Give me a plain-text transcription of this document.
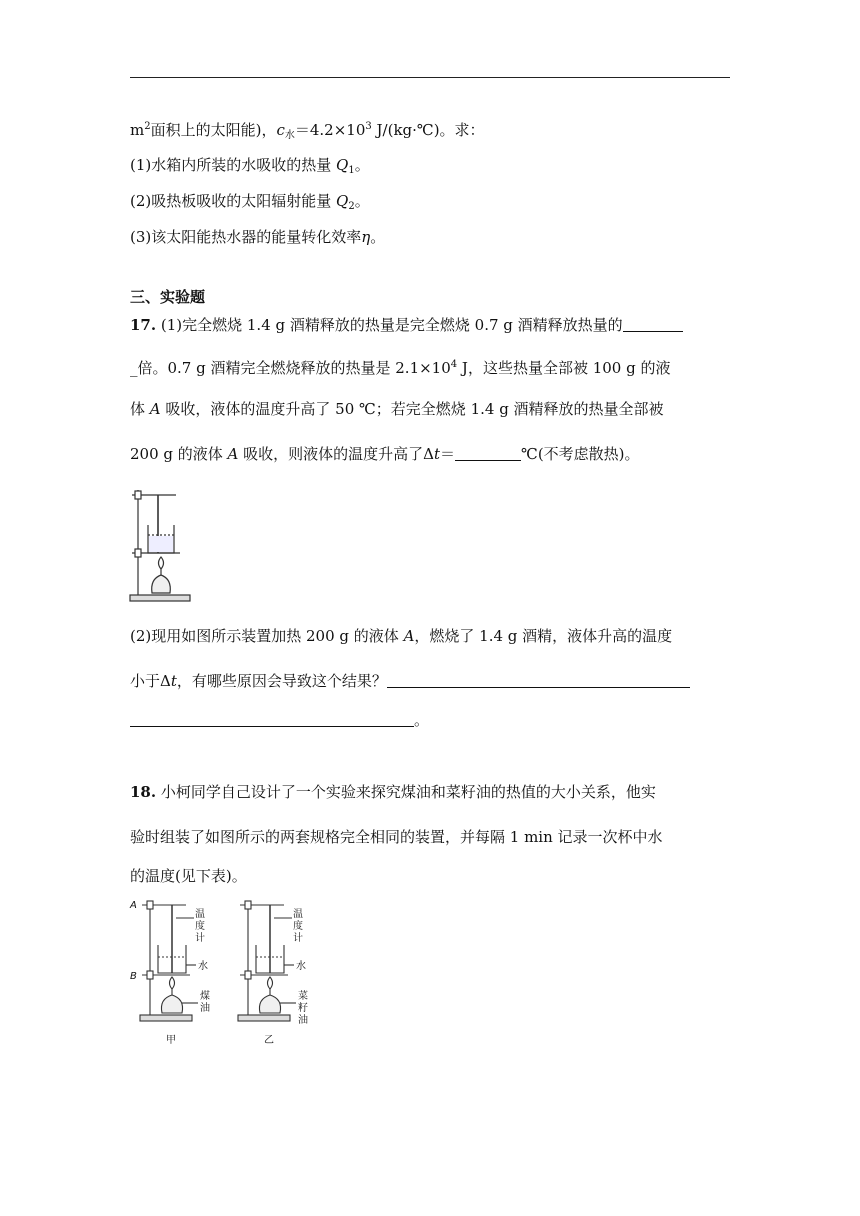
$m^2$面积上的太阳能)，$c_水=4.2\times 10^3$ J/(kg·℃)。求：
(1)水箱内所装的水吸收的热量 $Q_1$。
(2)吸热板吸收的太阳辐射能量 $Q_2$。
(3)该太阳能热水器的能量转化效率η。
三、实验题
17. (1)完全燃烧 1.4 g 酒精释放的热量是完全燃烧 0.7 g 酒精释放热量的
_倍。0.7 g 酒精完全燃烧释放的热量是 $2.1\times 10^4$ J，这些热量全部被 100 g 的液
体 A 吸收，液体的温度升高了 50 ℃；若完全燃烧 1.4 g 酒精释放的热量全部被
200 g 的液体 A 吸收，则液体的温度升高了Δt＝	℃(不考虑散热)。
(2)现用如图所示装置加热 200 g 的液体 A，燃烧了 1.4 g 酒精，液体升高的温度
小于Δt，有哪些原因会导致这个结果？
。
18. 小柯同学自己设计了一个实验来探究煤油和菜籽油的热值的大小关系，他实
验时组装了如图所示的两套规格完全相同的装置，并每隔 1 min 记录一次杯中水
的温度(见下表)。
A
B
温 度 计
水
煤 油
温 度 计
水
菜 籽 油
甲	乙
